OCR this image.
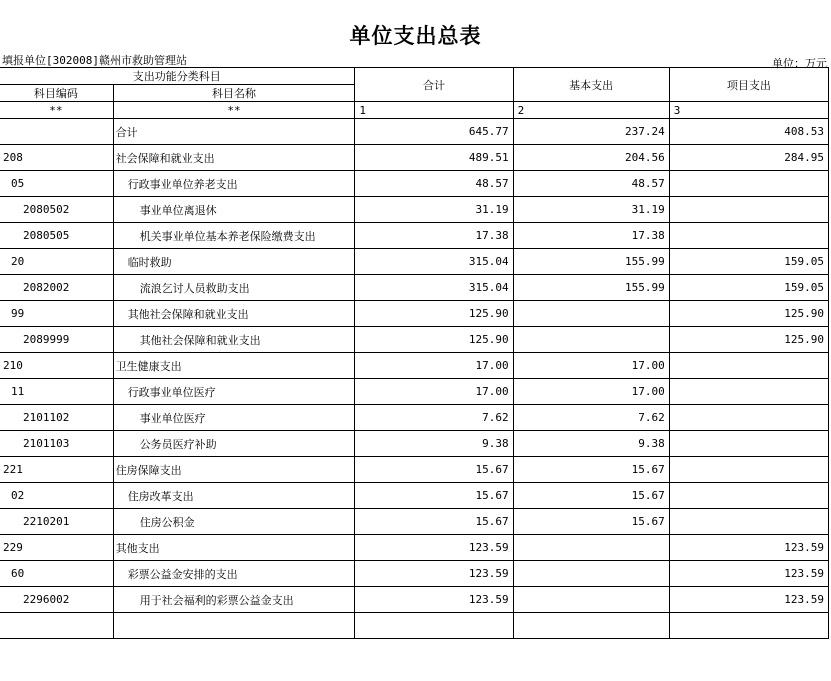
单位支出总表
填报单位[302008]赣州市救助管理站	单位：万元
支出功能分类科目		合计	基本支出	项目支出
科目编码	科目名称			
**	**	1	2	3
	合计	645.77	237.24	408.53
208	社会保障和就业支出	489.51	204.56	284.95
05	行政事业单位养老支出	48.57	48.57	
2080502	事业单位离退休	31.19	31.19	
2080505	机关事业单位基本养老保险缴费支出	17.38	17.38	
20	临时救助	315.04	155.99	159.05
2082002	流浪乞讨人员救助支出	315.04	155.99	159.05
99	其他社会保障和就业支出	125.90		125.90
2089999	其他社会保障和就业支出	125.90		125.90
210	卫生健康支出	17.00	17.00	
11	行政事业单位医疗	17.00	17.00	
2101102	事业单位医疗	7.62	7.62	
2101103	公务员医疗补助	9.38	9.38	
221	住房保障支出	15.67	15.67	
02	住房改革支出	15.67	15.67	
2210201	住房公积金	15.67	15.67	
229	其他支出	123.59		123.59
60	彩票公益金安排的支出	123.59		123.59
2296002	用于社会福利的彩票公益金支出	123.59		123.59
